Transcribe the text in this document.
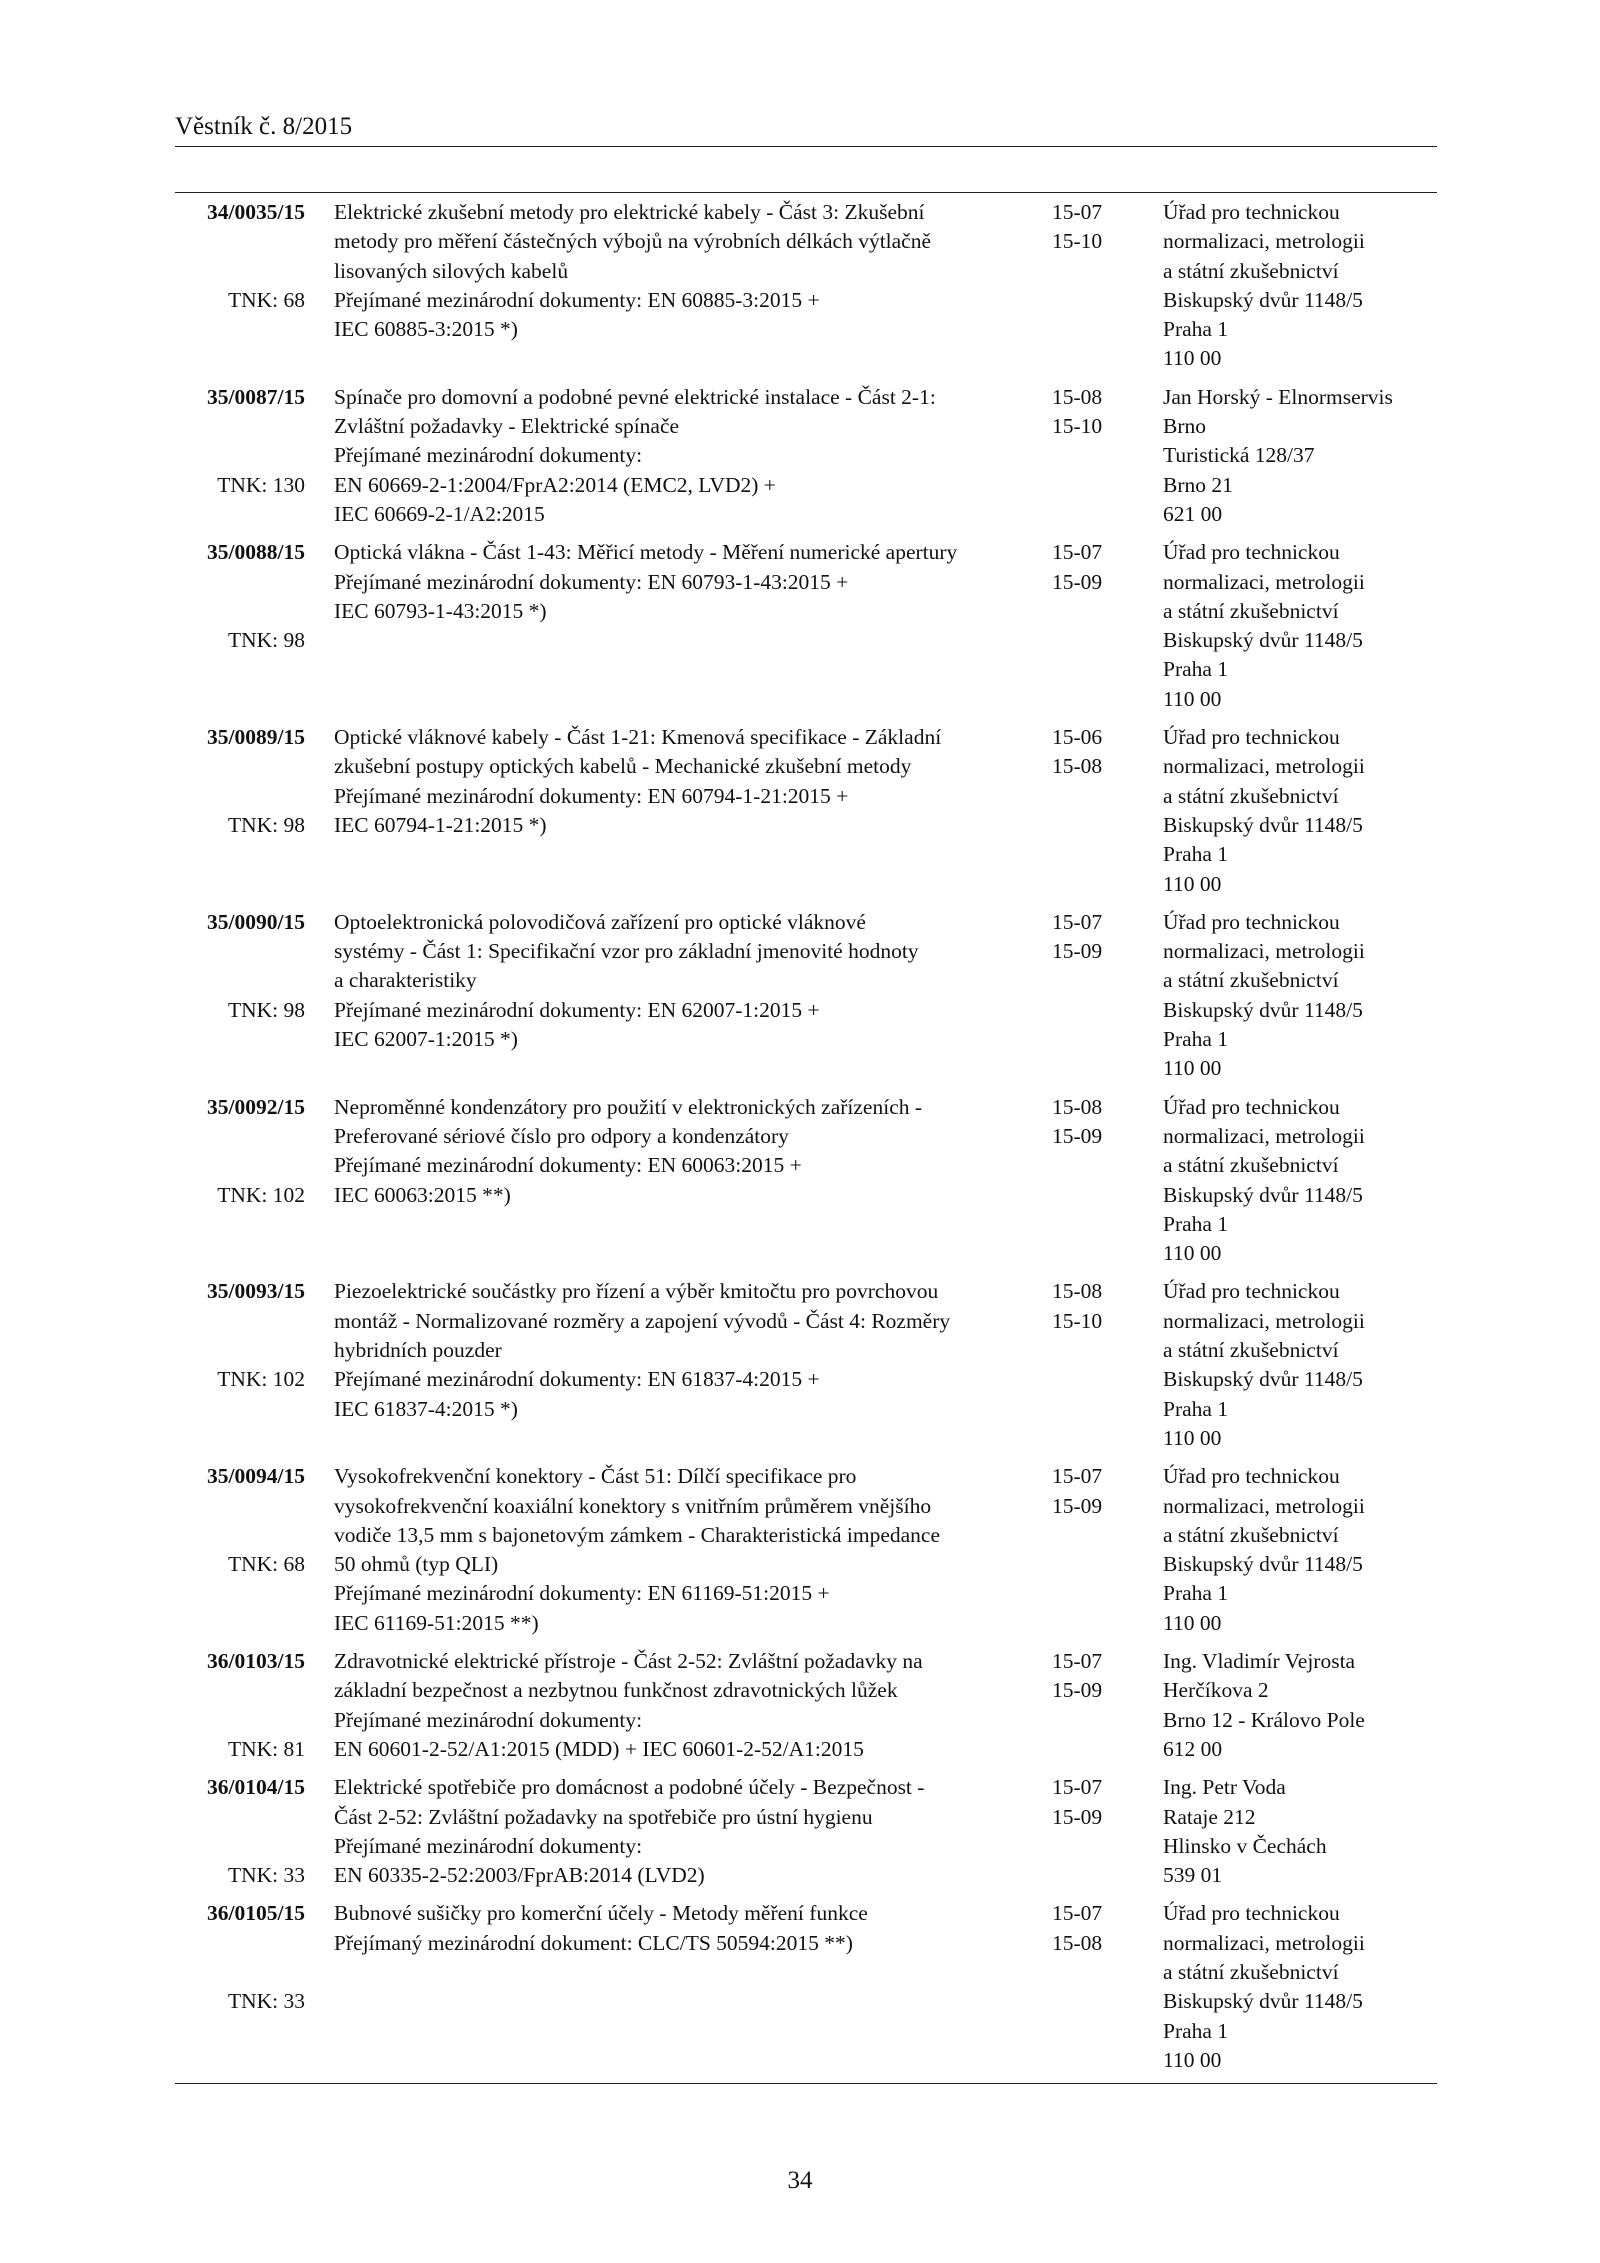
Věstník č. 8/2015
34/0035/15
TNK: 68
Elektrické zkušební metody pro elektrické kabely - Část 3: Zkušební
metody pro měření částečných výbojů na výrobních délkách výtlačně
lisovaných silových kabelů
Přejímané mezinárodní dokumenty: EN 60885-3:2015 +
IEC 60885-3:2015 *)
15-07
15-10
Úřad pro technickou
normalizaci, metrologii
a státní zkušebnictví
Biskupský dvůr 1148/5
Praha 1
110 00
35/0087/15
TNK: 130
Spínače pro domovní a podobné pevné elektrické instalace - Část 2-1:
Zvláštní požadavky - Elektrické spínače
Přejímané mezinárodní dokumenty:
EN 60669-2-1:2004/FprA2:2014 (EMC2, LVD2) +
IEC 60669-2-1/A2:2015
15-08
15-10
Jan Horský - Elnormservis
Brno
Turistická 128/37
Brno 21
621 00
35/0088/15
TNK: 98
Optická vlákna - Část 1-43: Měřicí metody - Měření numerické apertury
Přejímané mezinárodní dokumenty: EN 60793-1-43:2015 +
IEC 60793-1-43:2015 *)
15-07
15-09
Úřad pro technickou
normalizaci, metrologii
a státní zkušebnictví
Biskupský dvůr 1148/5
Praha 1
110 00
35/0089/15
TNK: 98
Optické vláknové kabely - Část 1-21: Kmenová specifikace - Základní
zkušební postupy optických kabelů - Mechanické zkušební metody
Přejímané mezinárodní dokumenty: EN 60794-1-21:2015 +
IEC 60794-1-21:2015 *)
15-06
15-08
Úřad pro technickou
normalizaci, metrologii
a státní zkušebnictví
Biskupský dvůr 1148/5
Praha 1
110 00
35/0090/15
TNK: 98
Optoelektronická polovodičová zařízení pro optické vláknové
systémy - Část 1: Specifikační vzor pro základní jmenovité hodnoty
a charakteristiky
Přejímané mezinárodní dokumenty: EN 62007-1:2015 +
IEC 62007-1:2015 *)
15-07
15-09
Úřad pro technickou
normalizaci, metrologii
a státní zkušebnictví
Biskupský dvůr 1148/5
Praha 1
110 00
35/0092/15
TNK: 102
Neproměnné kondenzátory pro použití v elektronických zařízeních -
Preferované sériové číslo pro odpory a kondenzátory
Přejímané mezinárodní dokumenty: EN 60063:2015 +
IEC 60063:2015 **)
15-08
15-09
Úřad pro technickou
normalizaci, metrologii
a státní zkušebnictví
Biskupský dvůr 1148/5
Praha 1
110 00
35/0093/15
TNK: 102
Piezoelektrické součástky pro řízení a výběr kmitočtu pro povrchovou
montáž - Normalizované rozměry a zapojení vývodů - Část 4: Rozměry
hybridních pouzder
Přejímané mezinárodní dokumenty: EN 61837-4:2015 +
IEC 61837-4:2015 *)
15-08
15-10
Úřad pro technickou
normalizaci, metrologii
a státní zkušebnictví
Biskupský dvůr 1148/5
Praha 1
110 00
35/0094/15
TNK: 68
Vysokofrekvenční konektory - Část 51: Dílčí specifikace pro
vysokofrekvenční koaxiální konektory s vnitřním průměrem vnějšího
vodiče 13,5 mm s bajonetovým zámkem - Charakteristická impedance
50 ohmů (typ QLI)
Přejímané mezinárodní dokumenty: EN 61169-51:2015 +
IEC 61169-51:2015 **)
15-07
15-09
Úřad pro technickou
normalizaci, metrologii
a státní zkušebnictví
Biskupský dvůr 1148/5
Praha 1
110 00
36/0103/15
TNK: 81
Zdravotnické elektrické přístroje - Část 2-52: Zvláštní požadavky na
základní bezpečnost a nezbytnou funkčnost zdravotnických lůžek
Přejímané mezinárodní dokumenty:
EN 60601-2-52/A1:2015 (MDD) + IEC 60601-2-52/A1:2015
15-07
15-09
Ing. Vladimír Vejrosta
Herčíkova 2
Brno 12 - Královo Pole
612 00
36/0104/15
TNK: 33
Elektrické spotřebiče pro domácnost a podobné účely - Bezpečnost -
Část 2-52: Zvláštní požadavky na spotřebiče pro ústní hygienu
Přejímané mezinárodní dokumenty:
EN 60335-2-52:2003/FprAB:2014 (LVD2)
15-07
15-09
Ing. Petr Voda
Rataje 212
Hlinsko v Čechách
539 01
36/0105/15
TNK: 33
Bubnové sušičky pro komerční účely - Metody měření funkce
Přejímaný mezinárodní dokument: CLC/TS 50594:2015 **)
15-07
15-08
Úřad pro technickou
normalizaci, metrologii
a státní zkušebnictví
Biskupský dvůr 1148/5
Praha 1
110 00
34
